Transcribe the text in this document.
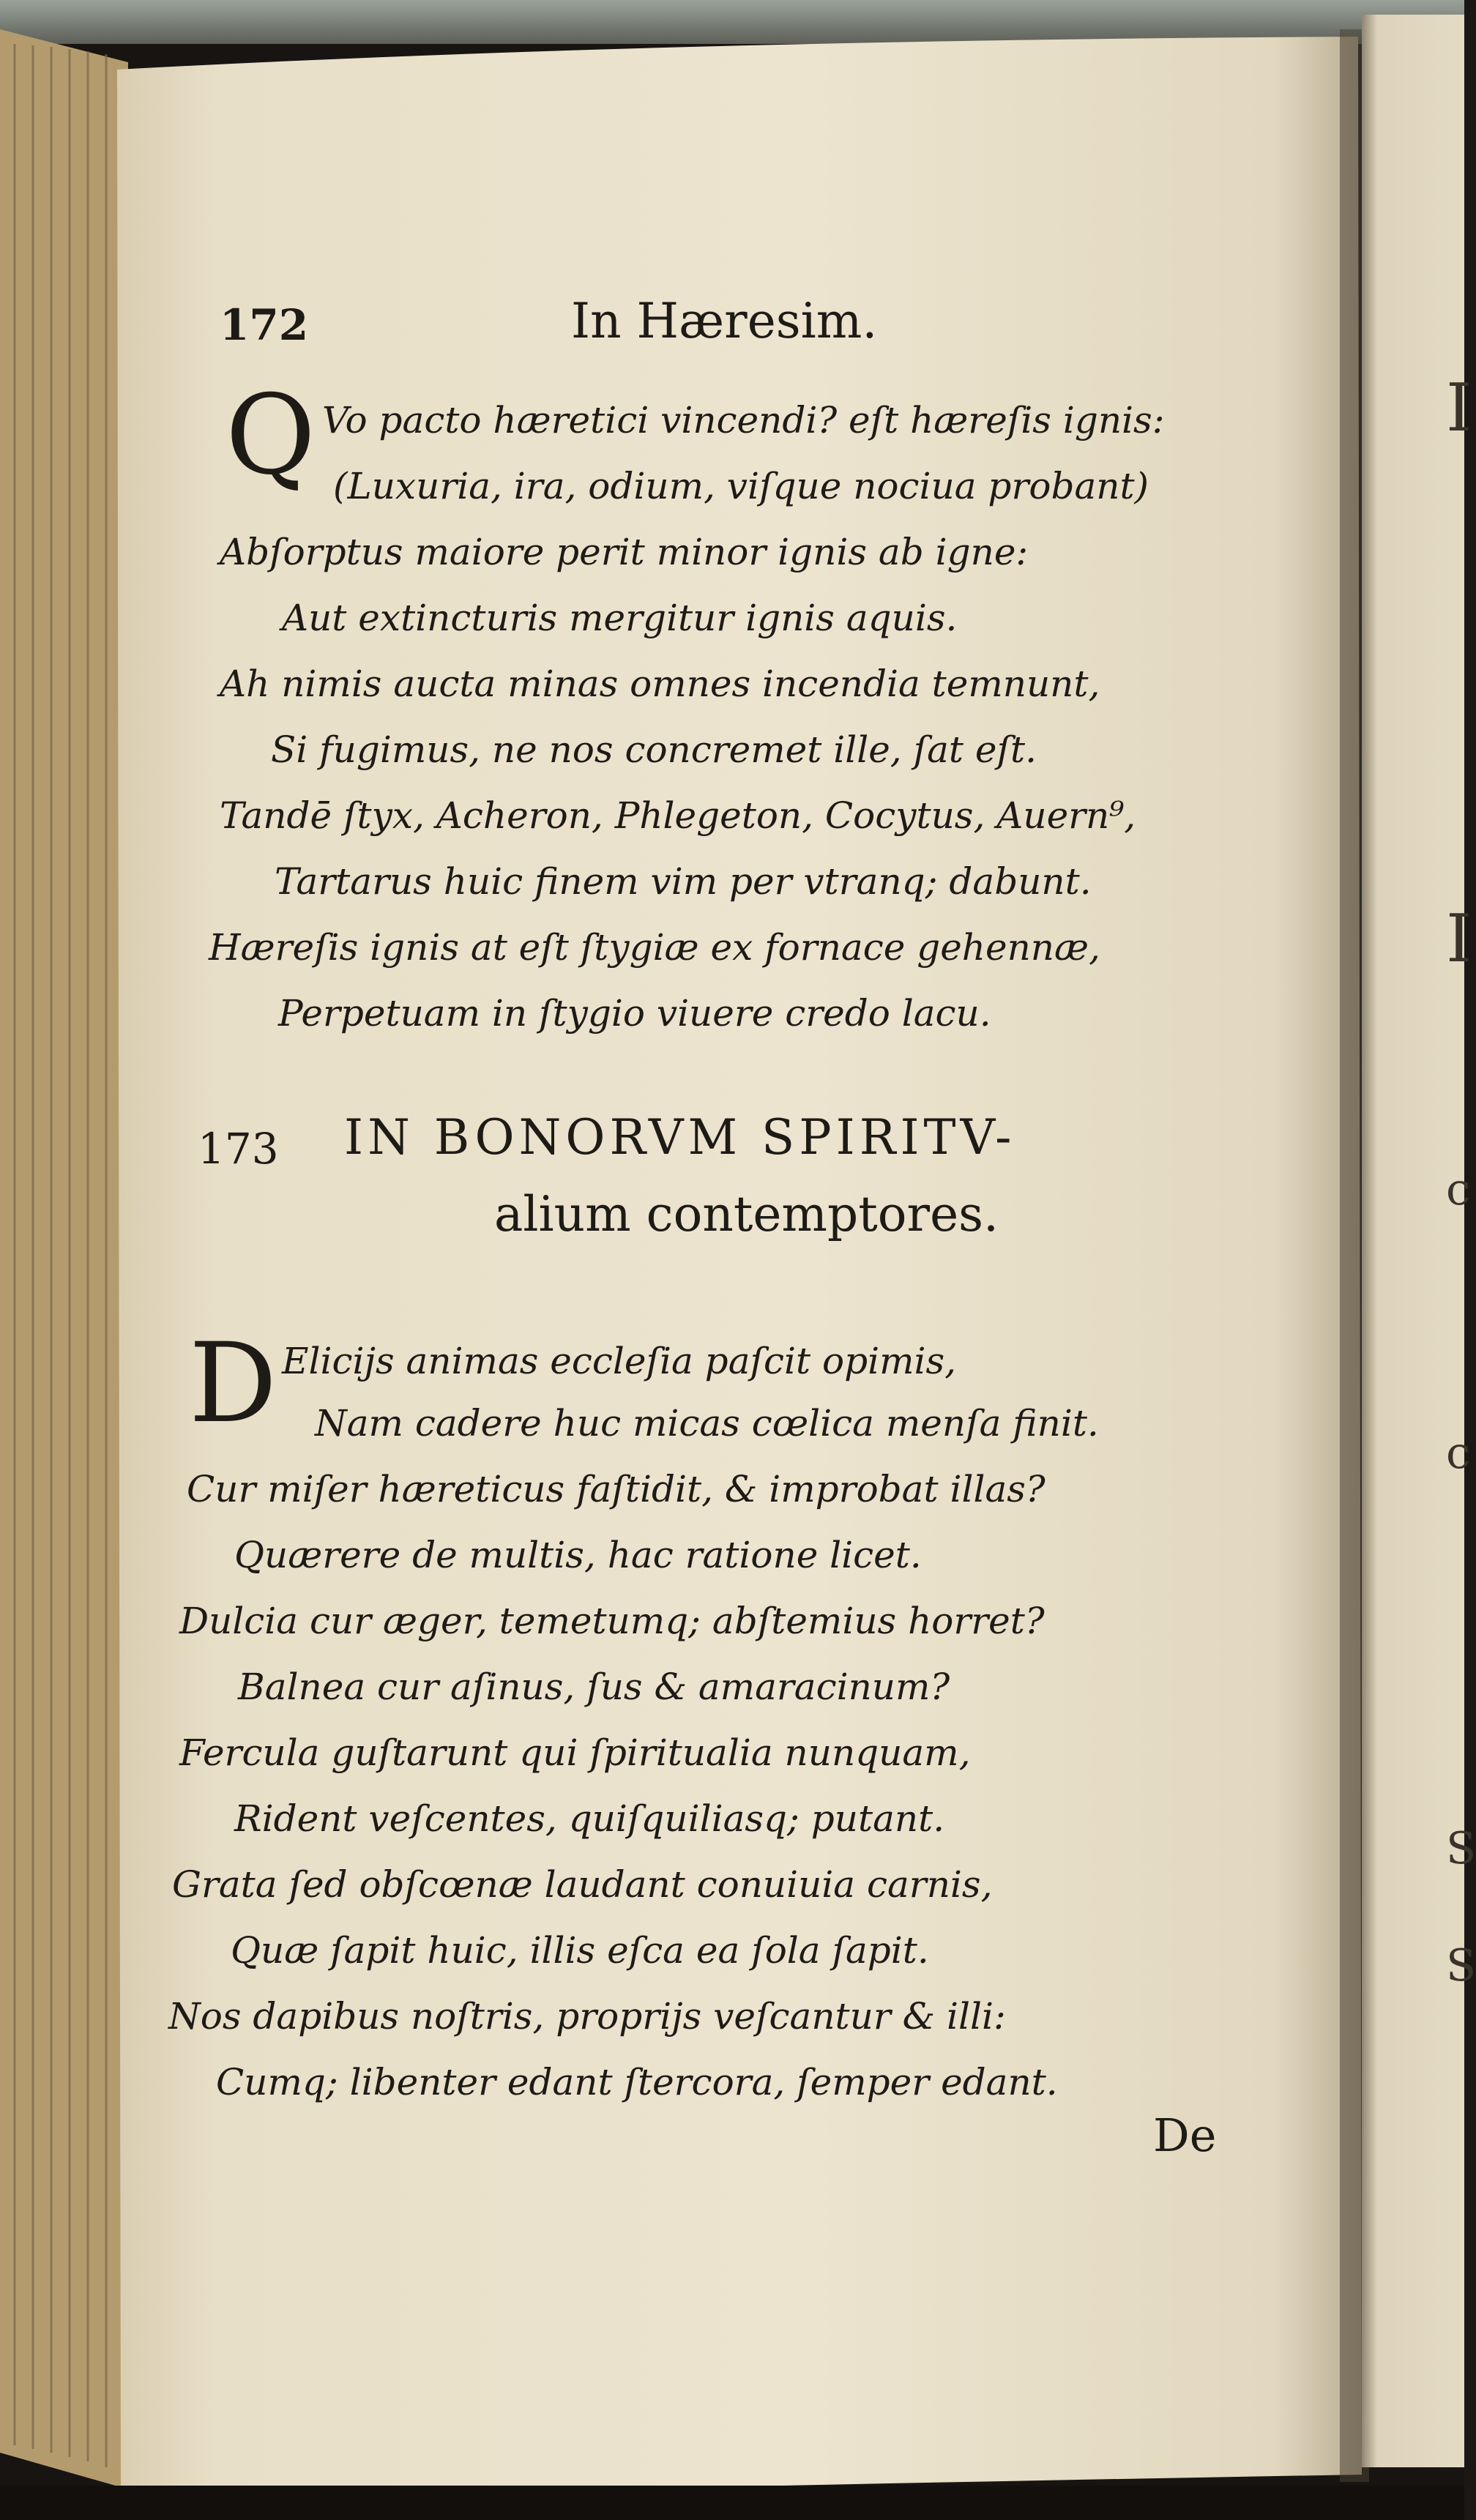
172	In Hæresim.
Q Vo pacto hæretici vincendi? eſt hæreſis ignis:
(Luxuria, ira, odium, viſque nociua probant)
Abſorptus maiore perit minor ignis ab igne:
Aut extincturis mergitur ignis aquis.
Ah nimis aucta minas omnes incendia temnunt,
Si fugimus, ne nos concremet ille, ſat eſt.
Tandē ſtyx, Acheron, Phlegeton, Cocytus, Auern⁹,
Tartarus huic finem vim per vtranq; dabunt.
Hæreſis ignis at eſt ſtygiæ ex fornace gehennæ,
Perpetuam in ſtygio viuere credo lacu.
173 IN BONORVM SPIRITV-
alium contemptores.
D Elicijs animas eccleſia paſcit opimis,
Nam cadere huc micas cœlica menſa finit.
Cur miſer hæreticus faſtidit, & improbat illas?
Quærere de multis, hac ratione licet.
Dulcia cur æger, temetumq; abſtemius horret?
Balnea cur aſinus, ſus & amaracinum?
Fercula guſtarunt qui ſpiritualia nunquam,
Rident veſcentes, quiſquiliasq; putant.
Grata ſed obſcœnæ laudant conuiuia carnis,
Quæ ſapit huic, illis eſca ea ſola ſapit.
Nos dapibus noſtris, proprijs veſcantur & illi:
Cumq; libenter edant ſtercora, ſemper edant.
De
I
I
c
c
S
S
